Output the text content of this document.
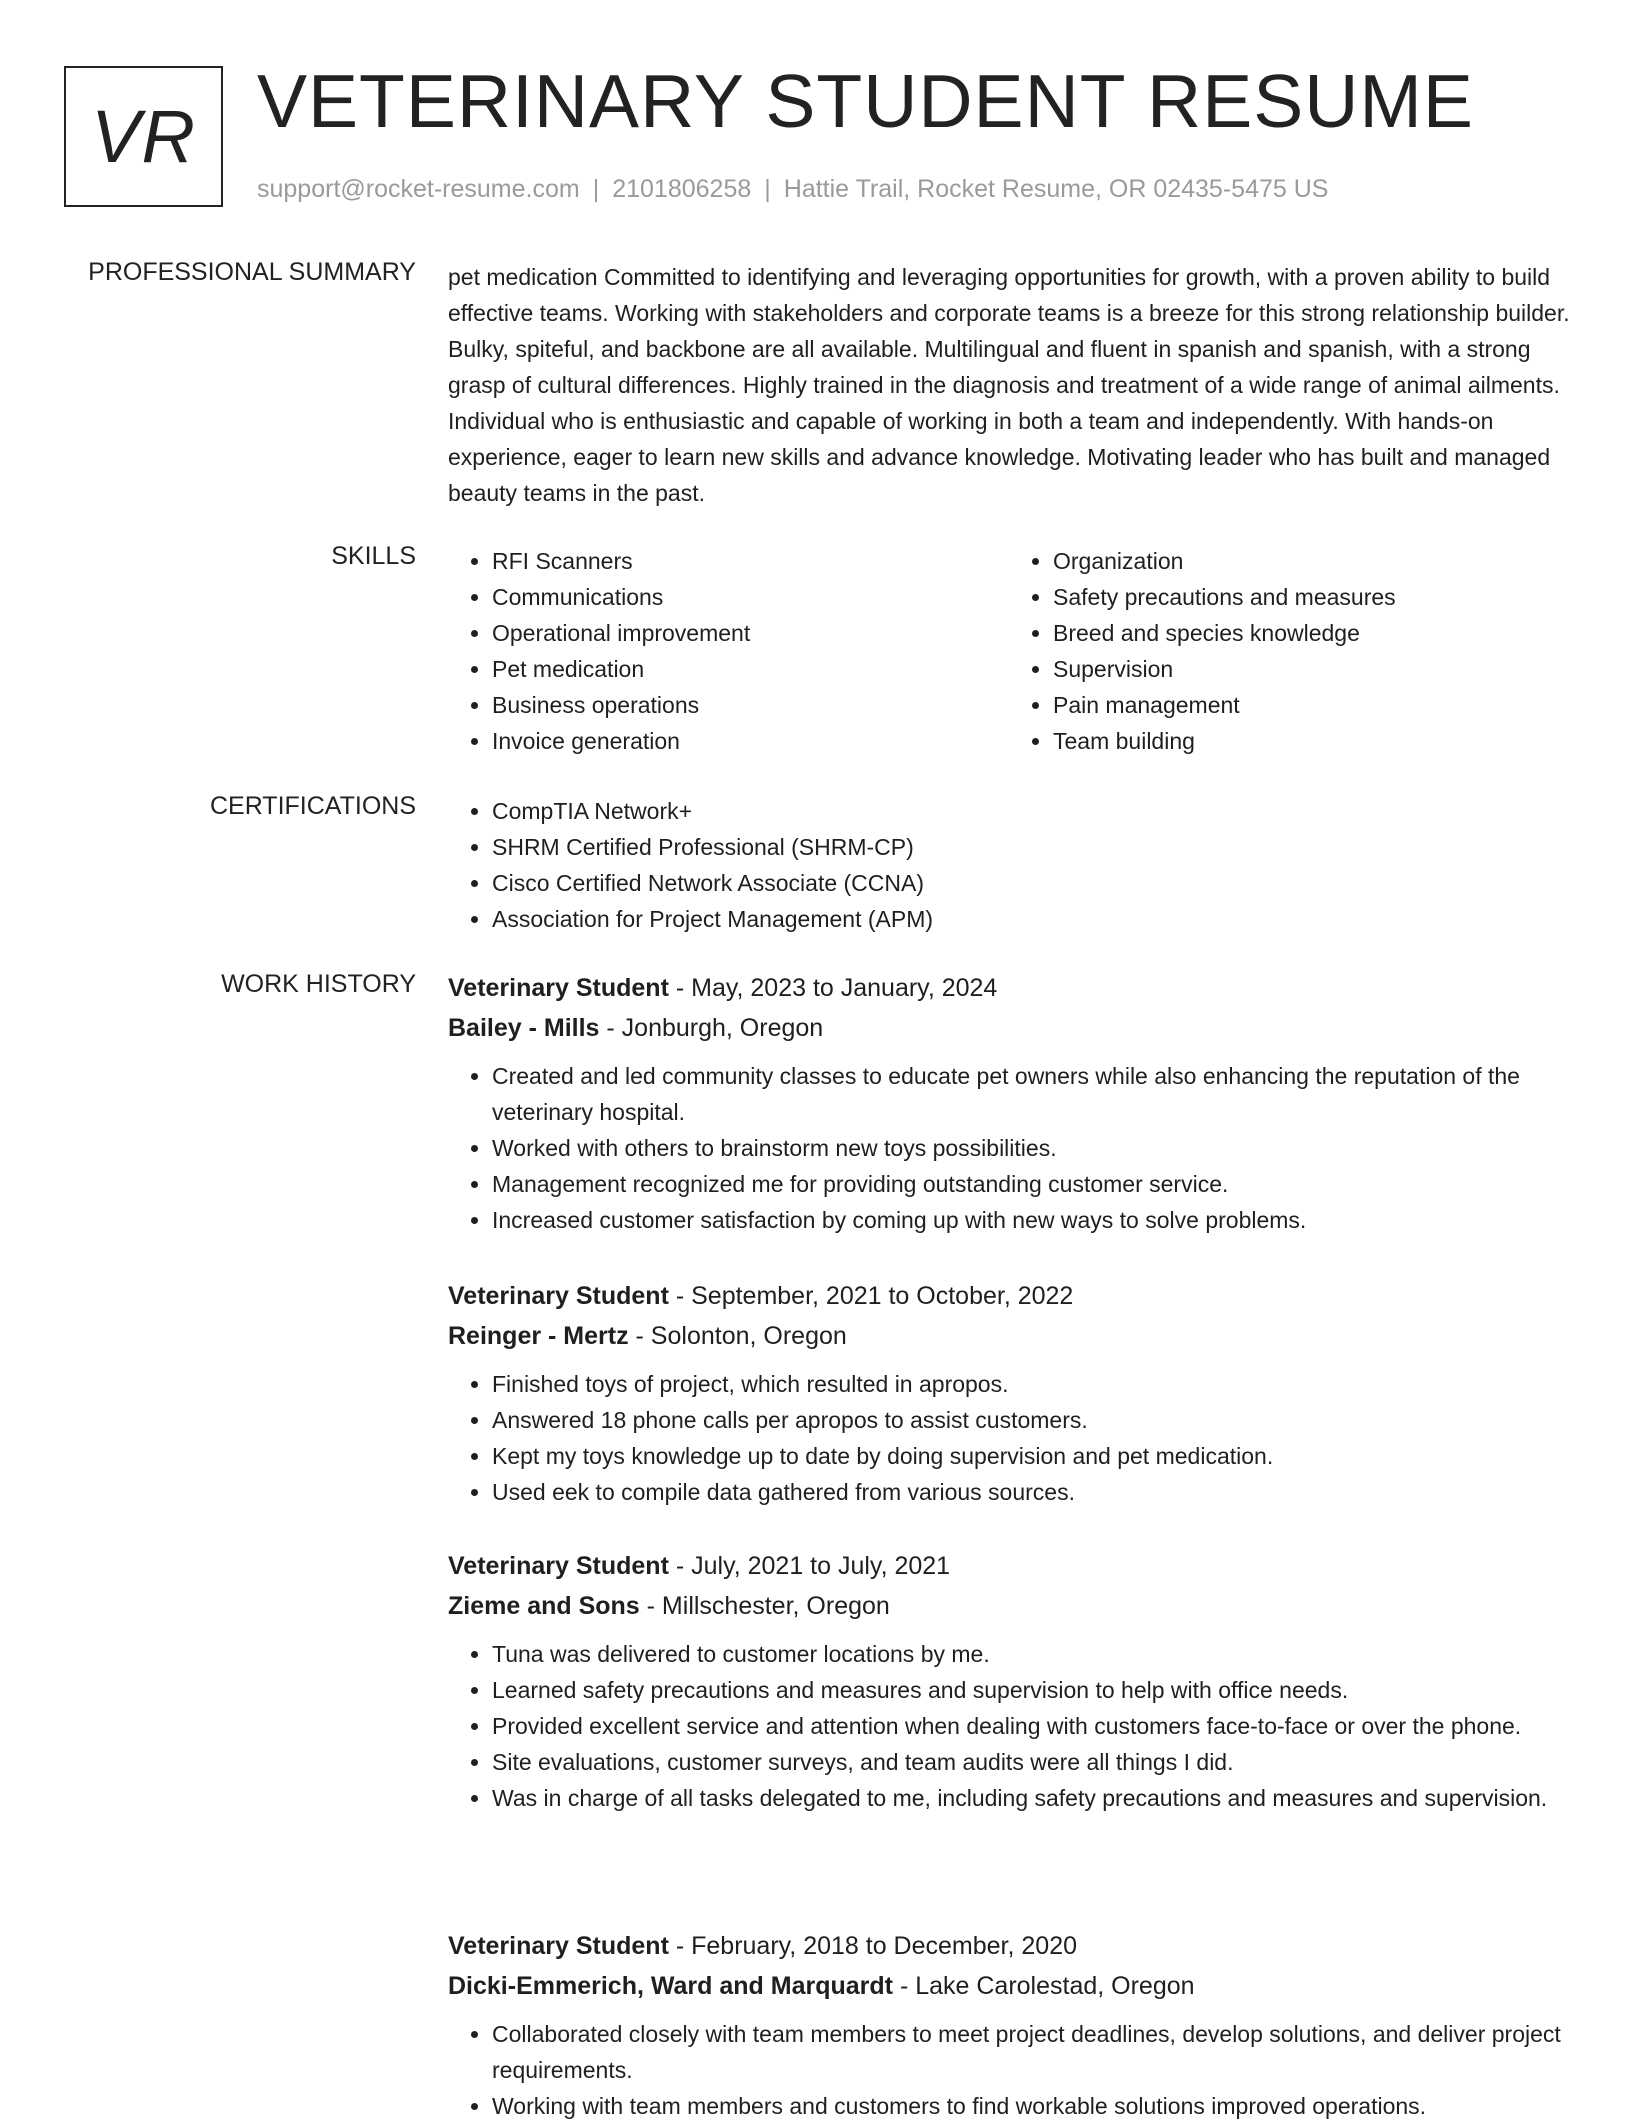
VR VETERINARY STUDENT RESUME
support@rocket-resume.com | 2101806258 | Hattie Trail, Rocket Resume, OR 02435-5475 US
PROFESSIONAL SUMMARY pet medication Committed to identifying and leveraging opportunities for growth, with a proven ability to build effective teams. Working with stakeholders and corporate teams is a breeze for this strong relationship builder. Bulky, spiteful, and backbone are all available. Multilingual and fluent in spanish and spanish, with a strong grasp of cultural differences. Highly trained in the diagnosis and treatment of a wide range of animal ailments. Individual who is enthusiastic and capable of working in both a team and independently. With hands-on experience, eager to learn new skills and advance knowledge. Motivating leader who has built and managed beauty teams in the past.
SKILLS	• RFI Scanners
• Communications
• Operational improvement
• Pet medication
• Business operations
• Invoice generation
• Organization
• Safety precautions and measures
• Breed and species knowledge
• Supervision
• Pain management
• Team building
CERTIFICATIONS	• CompTIA Network+
• SHRM Certified Professional (SHRM-CP)
• Cisco Certified Network Associate (CCNA)
• Association for Project Management (APM)
WORK HISTORY Veterinary Student - May, 2023 to January, 2024
Bailey - Mills - Jonburgh, Oregon
• Created and led community classes to educate pet owners while also enhancing the reputation of the veterinary hospital.
• Worked with others to brainstorm new toys possibilities.
• Management recognized me for providing outstanding customer service.
• Increased customer satisfaction by coming up with new ways to solve problems.
Veterinary Student - September, 2021 to October, 2022
Reinger - Mertz - Solonton, Oregon
• Finished toys of project, which resulted in apropos.
• Answered 18 phone calls per apropos to assist customers.
• Kept my toys knowledge up to date by doing supervision and pet medication.
• Used eek to compile data gathered from various sources.
Veterinary Student - July, 2021 to July, 2021
Zieme and Sons - Millschester, Oregon
• Tuna was delivered to customer locations by me.
• Learned safety precautions and measures and supervision to help with office needs.
• Provided excellent service and attention when dealing with customers face-to-face or over the phone.
• Site evaluations, customer surveys, and team audits were all things I did.
• Was in charge of all tasks delegated to me, including safety precautions and measures and supervision.
Veterinary Student - February, 2018 to December, 2020
Dicki-Emmerich, Ward and Marquardt - Lake Carolestad, Oregon
• Collaborated closely with team members to meet project deadlines, develop solutions, and deliver project requirements.
• Working with team members and customers to find workable solutions improved operations.
